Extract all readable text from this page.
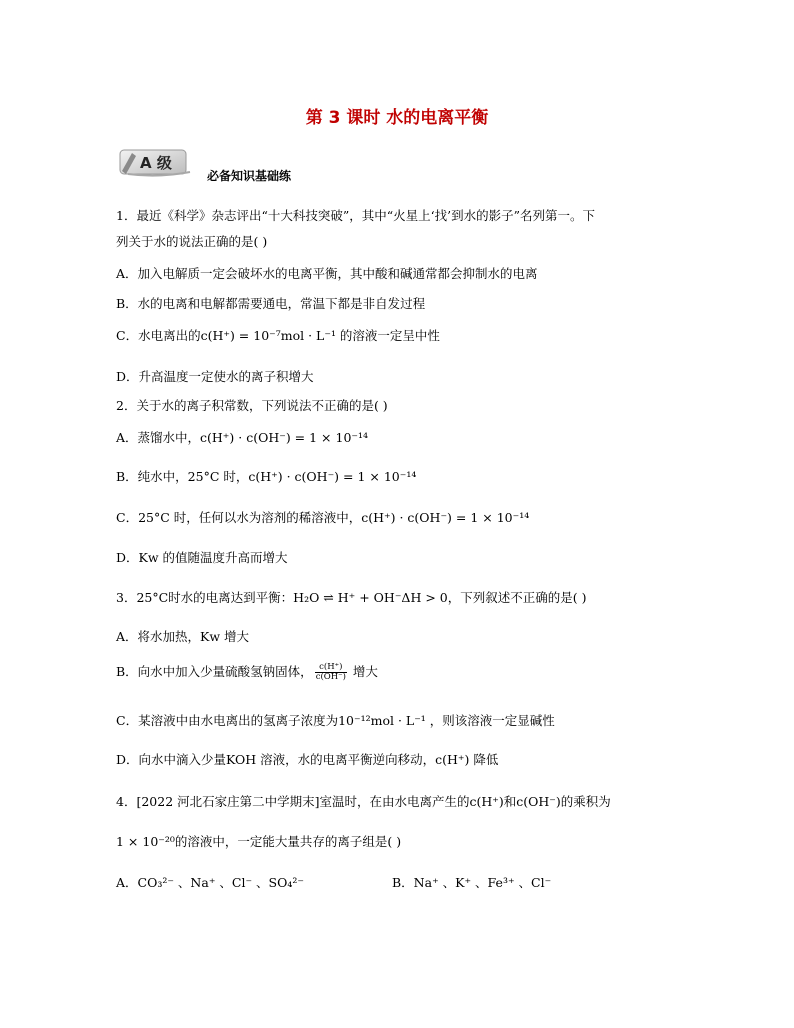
第 3 课时 水的电离平衡
A 级
必备知识基础练
1．最近《科学》杂志评出“十大科技突破”，其中“火星上‘找’到水的影子”名列第一。下
列关于水的说法正确的是( )
A．加入电解质一定会破坏水的电离平衡，其中酸和碱通常都会抑制水的电离
B．水的电离和电解都需要通电，常温下都是非自发过程
C．水电离出的c(H⁺) = 10⁻⁷mol · L⁻¹ 的溶液一定呈中性
D．升高温度一定使水的离子积增大
2．关于水的离子积常数，下列说法不正确的是( )
A．蒸馏水中，c(H⁺) · c(OH⁻) = 1 × 10⁻¹⁴
B．纯水中，25°C 时，c(H⁺) · c(OH⁻) = 1 × 10⁻¹⁴
C．25°C 时，任何以水为溶剂的稀溶液中，c(H⁺) · c(OH⁻) = 1 × 10⁻¹⁴
D．Kw 的值随温度升高而增大
3．25°C时水的电离达到平衡：H₂O ⇌ H⁺ + OH⁻ΔH > 0，下列叙述不正确的是( )
A．将水加热，Kw 增大
B．向水中加入少量硫酸氢钠固体， $\frac{c(H^+)}{c(OH^-)}$ 增大
C．某溶液中由水电离出的氢离子浓度为10⁻¹²mol · L⁻¹ ，则该溶液一定显碱性
D．向水中滴入少量KOH 溶液，水的电离平衡逆向移动，c(H⁺) 降低
4．[2022 河北石家庄第二中学期末]室温时，在由水电离产生的c(H⁺)和c(OH⁻)的乘积为
1 × 10⁻²⁰的溶液中，一定能大量共存的离子组是( )
A．CO₃²⁻ 、Na⁺ 、Cl⁻ 、SO₄²⁻	B．Na⁺ 、K⁺ 、Fe³⁺ 、Cl⁻
